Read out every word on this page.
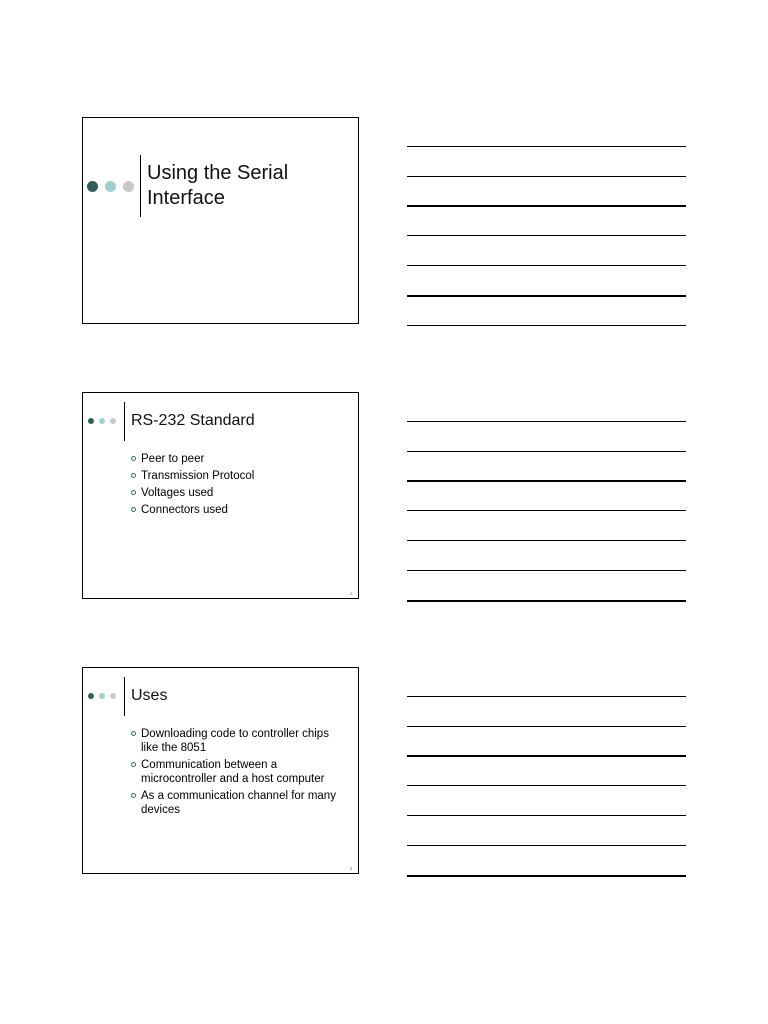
Using the Serial
Interface
RS-232 Standard
Peer to peer
Transmission Protocol
Voltages used
Connectors used
2
Uses
Downloading code to controller chips
like the 8051
Communication between a
microcontroller and a host computer
As a communication channel for many
devices
3
